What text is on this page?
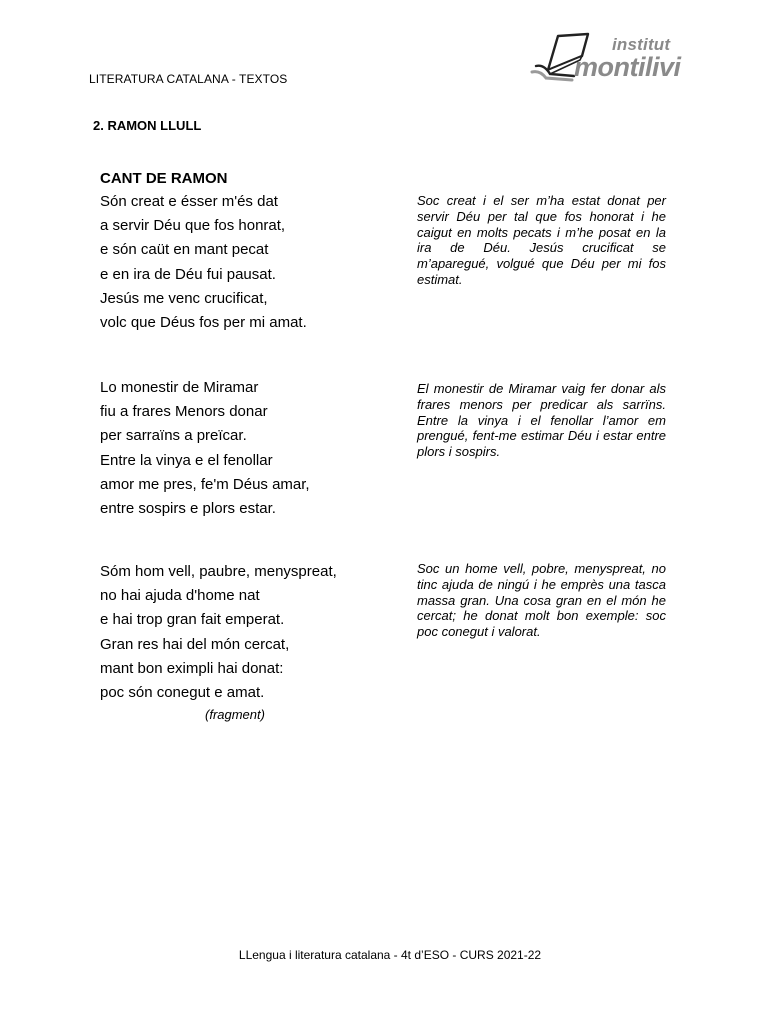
LITERATURA CATALANA - TEXTOS
institut
montilivi
2. RAMON LLULL
CANT DE RAMON
Són creat e ésser m'és dat
a servir Déu que fos honrat,
e són caüt en mant pecat
e en ira de Déu fui pausat.
Jesús me venc crucificat,
volc que Déus fos per mi amat.
Soc creat i el ser m’ha estat donat per servir Déu per tal que fos honorat i he caigut en molts pecats i m’he posat en la ira de Déu. Jesús crucificat se m’aparegué, volgué que Déu per mi fos estimat.
Lo monestir de Miramar
fiu a frares Menors donar
per sarraïns a preïcar.
Entre la vinya e el fenollar
amor me pres, fe'm Déus amar,
entre sospirs e plors estar.
El monestir de Miramar vaig fer donar als frares menors per predicar als sarrïns. Entre la vinya i el fenollar l’amor em prengué, fent-me estimar Déu i estar entre plors i sospirs.
Sóm hom vell, paubre, menyspreat,
no hai ajuda d'home nat
e hai trop gran fait emperat.
Gran res hai del món cercat,
mant bon eximpli hai donat:
poc són conegut e amat.
Soc un home vell, pobre, menyspreat, no tinc ajuda de ningú i he emprès una tasca massa gran. Una cosa gran en el món he cercat; he donat molt bon exemple: soc poc conegut i valorat.
(fragment)
LLengua i literatura catalana - 4t d’ESO - CURS 2021-22
